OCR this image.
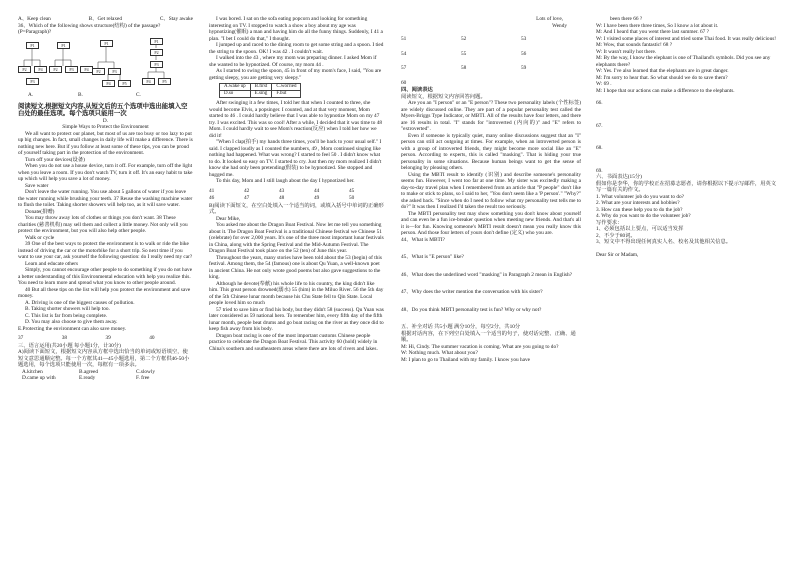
A、Keep clean	B、Get relaxed	C、Stay awake

36、Which of the following shows structure(结构) of the passage? (P=Paragraph)?

P1
P2
P3
P4
P1
P2	P3	P4
P1
P2	P3
P4	P5
P1
P2
P3
P4	P5
A.	B.	C.

阅读短文,根据短文内容,从短文后的五个选项中选出能填入空白处的最佳选项。每个选项只能用一次

D.

Simple Ways to Protect the Environment

We all want to protect our planet, but most of us are too busy or too lazy to put up big changes. In fact, small changes in daily life will make a difference. There is nothing new here. But if you follow at least some of these tips, you can be proud of yourself taking part in the protection of the environment.

Turn off your devices(设备)

When you do not use a house device, turn it off. For example, turn off the light when you leave a room. If you don't watch TV, turn it off. It's an easy habit to take up which will help you save a lot of money.

Save water

Don't leave the water running. You use about 5 gallons of water if you leave the water running while brushing your teeth. 37 Reuse the washing machine water to flush the toilet. Taking shorter showers will help too, as it will save water.

Donate(捐赠)

You may throw away lots of clothes or things you don't want. 38 These charities (慈善机构) may sell them and collect a little money. Not only will you protect the environment, but you will also help other people.

Walk or cycle

39 One of the best ways to protect the environment is to walk or ride the bike instead of driving the car or the motorbike for a short trip. So next time if you want to use your car, ask yourself the following question: do I really need my car?

Learn and educate others

Simply, you cannot encourage other people to do something if you do not have a better understanding of this Environmental education with help you realize this. You need to learn more and spread what you know to other people around.

40 But all these tips on the list will help you protect the environment and save money.

A. Driving is one of the biggest causes of pollution.

B. Taking shorter showers will help too.

C. This list is far from being complete.

D. You may also choose to give them away.

E.Protecting the environment can also save money.

37	38	39	40

三、语言运用(共20小题 每小题1分，计30分)

A)阅读下面短文，根据短文内容从方框中选出恰当的单词或短语填空，使短文意思通顺完整。每一个方框其41—45小题选用，第二个方框供46-50小题选用，每个选项只能使用一次，每框有一项多余。

A.kitchen	B.agreed	C.slowly
D.came up with	E.ready	F. free

I was bored. I sat on the sofa eating popcorn and looking for something interesting on TV. I stopped to watch a show a boy about my age was hypnotizing(催眠) a man and having him do all the funny things. Suddenly, I 41 a plan. "I bet I could do that," I thought.

I jumped up and raced to the dining room to get some string and a spoon. I tied the string to the spoon. OK! I was 42 . I couldn't wait.

I walked into the 43 , where my mom was preparing dinner. I asked Mom if she wanted to be hypnotized. Of course, my mom 44 .

As I started to swing the spoon, 45 in front of my mom's face, I said, "You are getting sleepy, you are getting very sleepy."

A.wake up	B.first	C.worried
D.so	E.sing	F.but

After swinging it a few times, I told her that when I counted to three, she would become Elvis, a popsinger. I counted, and at that very moment, Mom started to 46 . I could hardly believe that I was able to hypnotize Mom on my 47 try. I was excited. This was so cool! After a while, I decided that it was time to 48 Mom. I could hardly wait to see Mom's reaction(反应) when I told her how we did it!

"When I clap(拍手) my hands three times, you'll be back to your usual self." I said. I clapped loudly as I counted the numbers, 49 , Mom continued singing like nothing had happened. What was wrong? I started to feel 50 . I didn't know what to do. It looked so easy on TV. I started to cry. Just then my mom realized I didn't know she had only been pretending(假装) to be hypnotized. She stopped and hugged me.

To this day, Mom and I still laugh about the day I hypnotized her.

41	42	43	44	45
46	47	48	49	50

B)阅读下面短文，在空白处填入一个适当的词，或填入括号中单词的正确形式。

Dear Mike,

You asked me about the Dragon Boat Festival. Now let me tell you something about it. The Dragon Boat Festival is a traditional Chinese festival we Chinese 51 (celebrate) for over 2,000 years. It's one of the three most important lunar festivals in China, along with the Spring Festival and the Mid-Autumn Festival. The Dragon Boat Festival took place on the 52 (ten) of June this year.

Throughout the years, many stories have been told about the 53 (begin) of this festival. Among them, the 54 (famous) one is about Qu Yuan, a well-known poet in ancient China. He not only wrote good poems but also gave suggestions to the king.

Although he devote(奉献) his whole life to his country, the king didn't like him. This great person drowned(溺水) 55 (him) in the Miluo River. 56 the 5th day of the 5th Chinese lunar month because his Chu State fell to Qin State. Local people loved him so much

57 tried to save him or find his body, but they didn't 58 (success). Qu Yuan was later considered as 59 national hero. To remember him, every fifth day of the fifth lunar month, people beat drums and go boat racing on the river as they once did to keep fish away from his body.

Dragon boat racing is one of the most important customs Chinese people practice to celebrate the Dragon Boat Festival. This activity 60 (hold) widely in China's southern and southeastern areas where there are lots of rivers and lakes.

Lots of love,

Wendy

51	52	53
54	55	56
57	58	59
60

四、阅读表达

阅读短文，根据短文内容回答问题。

Are you an "I person" or an "E person"? These two personality labels (个性标签) are widely discussed online. They are part of a popular personality test called the Myers-Briggs Type Indicator, or MBTI. All of the results have four letters, and there are 16 results in total. "I" stands for "introverted (内向的)" and "E" refers to "extroverted".

Even if someone is typically quiet, many online discussions suggest that an "I" person can still act outgoing at times. For example, when an introverted person is with a group of introverted friends, they might become more social like an "E" person. According to experts, this is called "masking". That is hiding your true personality in some situations. Because human beings want to get the sense of belonging by pleasing others.

Using the MBTI result to identify (识别) and describe someone's personality seems fun. However, I went too far at one time. My sister was excitedly making a day-to-day travel plan when I remembered from an article that "P people" don't like to make or stick to plans, so I said to her, "You don't seem like a 'P person'." "Why?" she asked back. "Since when do I need to follow what my personality test tells me to do?" It was then I realized I'd taken the result too seriously.

The MBTI personality test may show something you don't know about yourself and can even be a fun ice-breaker question when meeting new friends. And that's all it is—for fun. Knowing someone's MBTI result doesn't mean you really know this person. And those four letters of yours don't define (定义) who you are.

44、What is MBTI?

45、What is "E person" like?

46、What does the underlined word "masking" in Paragraph 2 mean in English?

47、Why does the writer mention the conversation with his sister?

48、Do you think MBTI personality test is fun? Why or why not?

五、补全对话 共5小题 满分10分，每空2分，共10分

根据对话内容，在下列空白处填入一个适当的句子，使对话完整、正确、通顺。

M: Hi, Cindy. The summer vacation is coming. What are you going to do?

W: Nothing much. What about you?

M: I plan to go to Thailand with my family. I know you have

been there 66 ?

W: I have been there three times, So I know a lot about it.

M: And I heard that you went there last summer. 67 ?

W: I visited some places of interest and tried some Thai food. It was really delicious!

M: Wow, that sounds fantastic! 68 ?

W: It wasn't really hot there.

M: By the way, I know the elephant is one of Thailand's symbols. Did you see any elephants there?

W: Yes. I've also learned that the elephants are in great danger.

M: I'm sorry to hear that. So what should we do to save them?

W: 69 .

M: I hope that our actions can make a difference to the elephants.

66.

67.

68.

69.

六、书面表达(15分)

假如你是李华，你的学校正在招募志愿者，请你根据以下提示写邮件，用英文写一篇有关的作文。

1. What volunteer job do you want to do?

2. What are your interests and hobbies?

3. How can these help you to do the job?

4. Why do you want to do the volunteer job?

写作要求：

1、必须包括以上要点，可以适当发挥

2、不少于80词。

3、短文中不得出现任何真实人名、校名及其他相关信息。

Dear Sir or Madam,
